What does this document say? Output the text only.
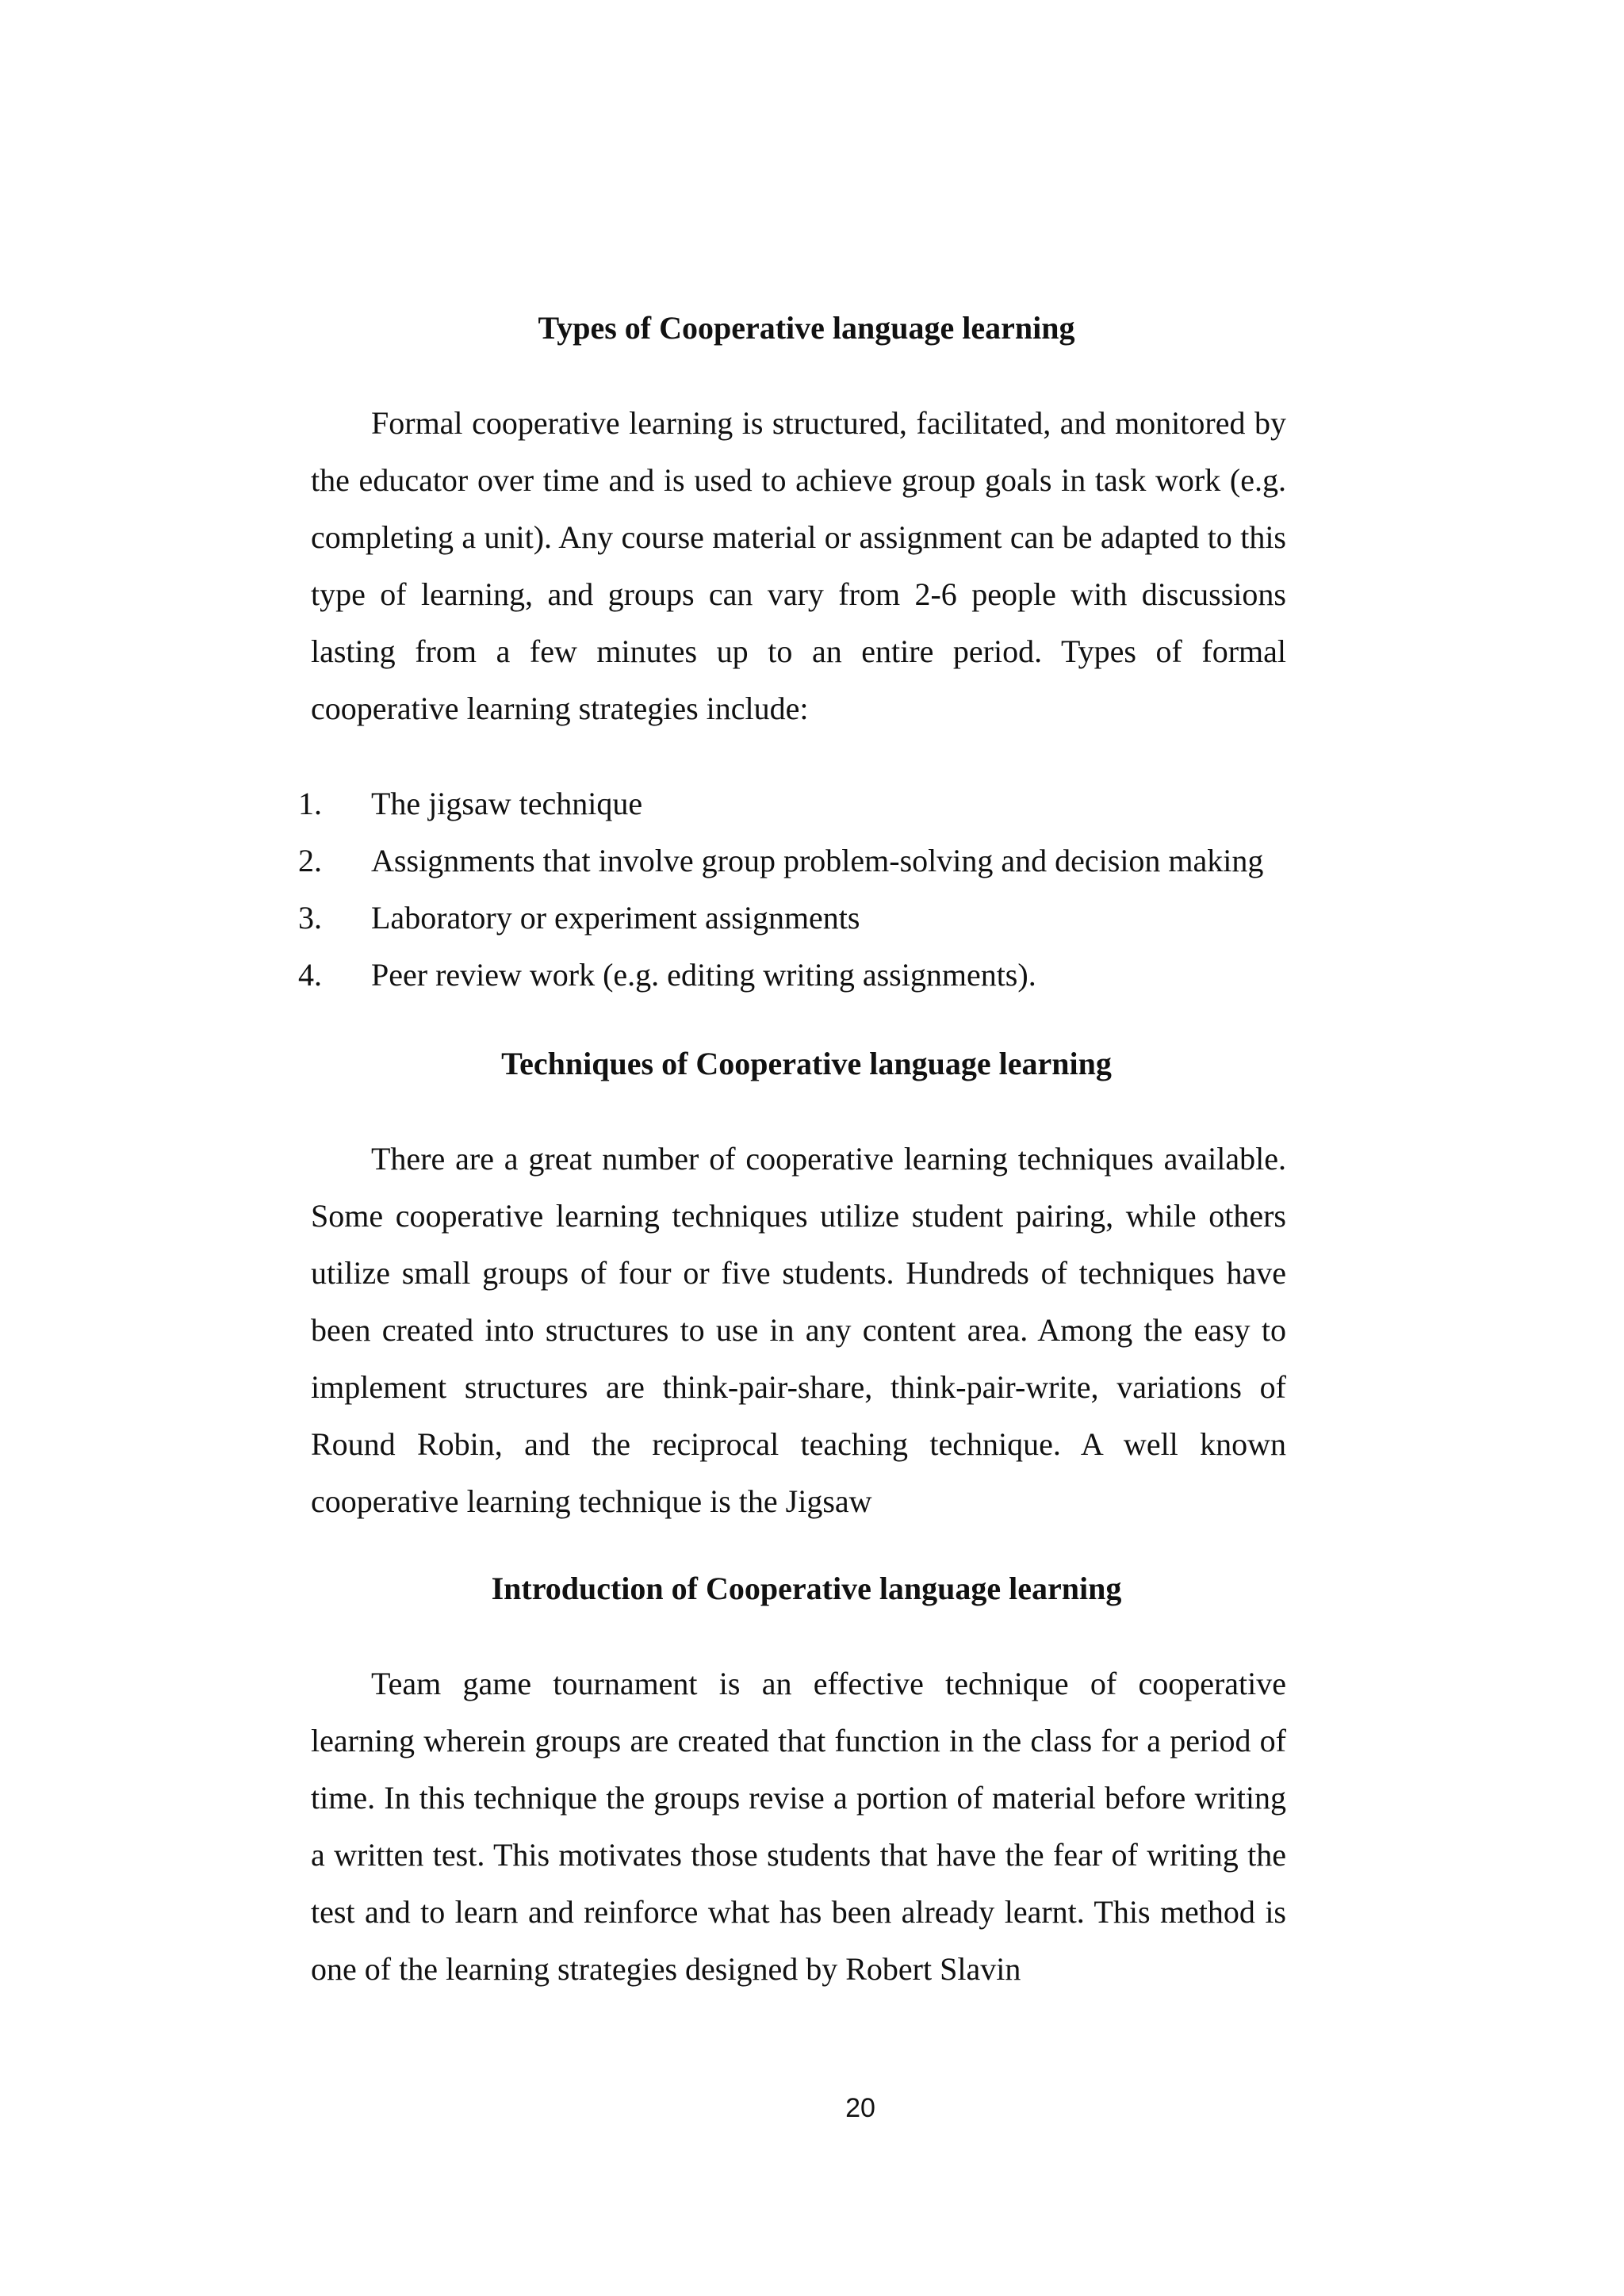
Types of Cooperative language learning

Formal cooperative learning is structured, facilitated, and monitored by the educator over time and is used to achieve group goals in task work (e.g. completing a unit). Any course material or assignment can be adapted to this type of learning, and groups can vary from 2-6 people with discussions lasting from a few minutes up to an entire period. Types of formal cooperative learning strategies include:

1.	The jigsaw technique
2.	Assignments that involve group problem-solving and decision making
3.	Laboratory or experiment assignments
4.	Peer review work (e.g. editing writing assignments).
Techniques of Cooperative language learning

There are a great number of cooperative learning techniques available. Some cooperative learning techniques utilize student pairing, while others utilize small groups of four or five students. Hundreds of techniques have been created into structures to use in any content area. Among the easy to implement structures are think-pair-share, think-pair-write, variations of Round Robin, and the reciprocal teaching technique. A well known cooperative learning technique is the Jigsaw

Introduction of Cooperative language learning

Team game tournament is an effective technique of cooperative learning wherein groups are created that function in the class for a period of time. In this technique the groups revise a portion of material before writing a written test. This motivates those students that have the fear of writing the test and to learn and reinforce what has been already learnt. This method is one of the learning strategies designed by Robert Slavin

20
